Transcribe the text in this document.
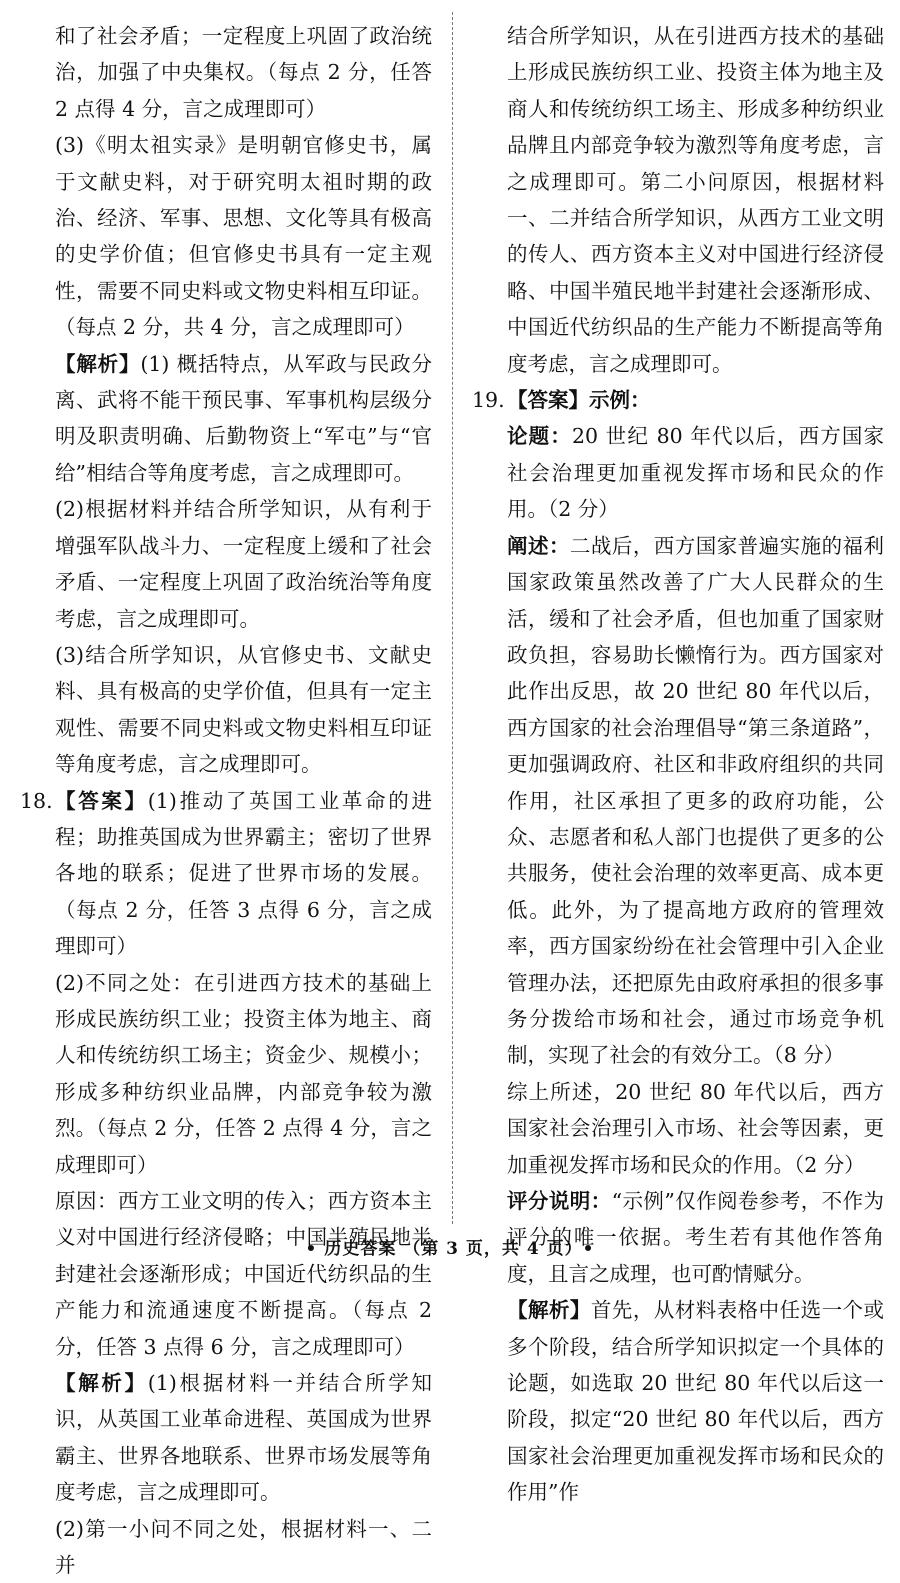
和了社会矛盾；一定程度上巩固了政治统治，加强了中央集权。（每点 2 分，任答 2 点得 4 分，言之成理即可）

(3)《明太祖实录》是明朝官修史书，属于文献史料，对于研究明太祖时期的政治、经济、军事、思想、文化等具有极高的史学价值；但官修史书具有一定主观性，需要不同史料或文物史料相互印证。（每点 2 分，共 4 分，言之成理即可）

【解析】(1) 概括特点，从军政与民政分离、武将不能干预民事、军事机构层级分明及职责明确、后勤物资上“军屯”与“官给”相结合等角度考虑，言之成理即可。

(2)根据材料并结合所学知识，从有利于增强军队战斗力、一定程度上缓和了社会矛盾、一定程度上巩固了政治统治等角度考虑，言之成理即可。

(3)结合所学知识，从官修史书、文献史料、具有极高的史学价值，但具有一定主观性、需要不同史料或文物史料相互印证等角度考虑，言之成理即可。

18. 【答案】(1)推动了英国工业革命的进程；助推英国成为世界霸主；密切了世界各地的联系；促进了世界市场的发展。（每点 2 分，任答 3 点得 6 分，言之成理即可）

(2)不同之处：在引进西方技术的基础上形成民族纺织工业；投资主体为地主、商人和传统纺织工场主；资金少、规模小；形成多种纺织业品牌，内部竞争较为激烈。（每点 2 分，任答 2 点得 4 分，言之成理即可）

原因：西方工业文明的传入；西方资本主义对中国进行经济侵略；中国半殖民地半封建社会逐渐形成；中国近代纺织品的生产能力和流通速度不断提高。（每点 2 分，任答 3 点得 6 分，言之成理即可）

【解析】(1)根据材料一并结合所学知识，从英国工业革命进程、英国成为世界霸主、世界各地联系、世界市场发展等角度考虑，言之成理即可。

(2)第一小问不同之处，根据材料一、二并

结合所学知识，从在引进西方技术的基础上形成民族纺织工业、投资主体为地主及商人和传统纺织工场主、形成多种纺织业品牌且内部竞争较为激烈等角度考虑，言之成理即可。第二小问原因，根据材料一、二并结合所学知识，从西方工业文明的传人、西方资本主义对中国进行经济侵略、中国半殖民地半封建社会逐渐形成、中国近代纺织品的生产能力不断提高等角度考虑，言之成理即可。

19. 【答案】示例：

论题：20 世纪 80 年代以后，西方国家社会治理更加重视发挥市场和民众的作用。（2 分）

阐述：二战后，西方国家普遍实施的福利国家政策虽然改善了广大人民群众的生活，缓和了社会矛盾，但也加重了国家财政负担，容易助长懒惰行为。西方国家对此作出反思，故 20 世纪 80 年代以后，西方国家的社会治理倡导“第三条道路”，更加强调政府、社区和非政府组织的共同作用，社区承担了更多的政府功能，公众、志愿者和私人部门也提供了更多的公共服务，使社会治理的效率更高、成本更低。此外，为了提高地方政府的管理效率，西方国家纷纷在社会管理中引入企业管理办法，还把原先由政府承担的很多事务分拨给市场和社会，通过市场竞争机制，实现了社会的有效分工。（8 分）

综上所述，20 世纪 80 年代以后，西方国家社会治理引入市场、社会等因素，更加重视发挥市场和民众的作用。（2 分）

评分说明：“示例”仅作阅卷参考，不作为评分的唯一依据。考生若有其他作答角度，且言之成理，也可酌情赋分。

【解析】首先，从材料表格中任选一个或多个阶段，结合所学知识拟定一个具体的论题，如选取 20 世纪 80 年代以后这一阶段，拟定“20 世纪 80 年代以后，西方国家社会治理更加重视发挥市场和民众的作用”作

• 历史答案 （第 3 页，共 4 页）•
